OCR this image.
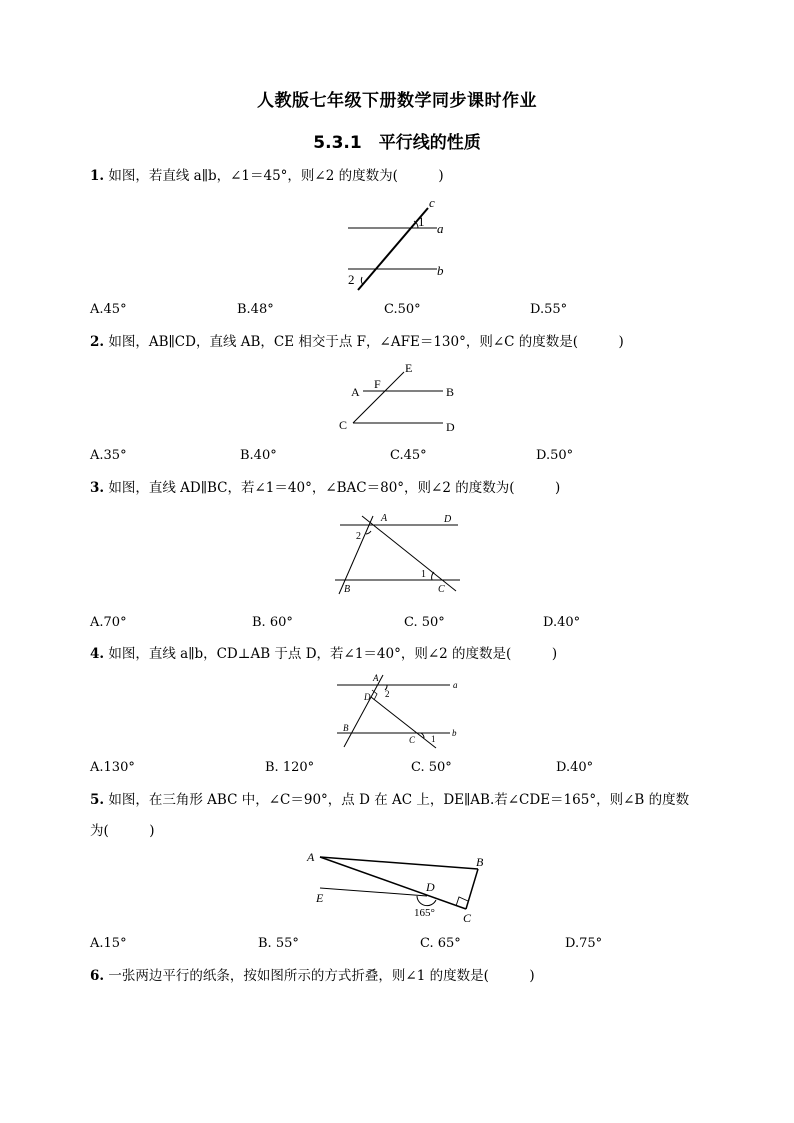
人教版七年级下册数学同步课时作业
5.3.1　平行线的性质
1. 如图，若直线 a∥b，∠1＝45°，则∠2 的度数为(　　　)
c
1 a
2
b
A.45°	B.48°	C.50°	D.55°
2. 如图，AB∥CD，直线 AB，CE 相交于点 F，∠AFE＝130°，则∠C 的度数是(　　　)
E
A
F
B
C	D
A.35°	B.40°	C.45°	D.50°
3. 如图，直线 AD∥BC，若∠1＝40°，∠BAC＝80°，则∠2 的度数为(　　　)
A	D
2
1
B	C
A.70°	B. 60°	C. 50°	D.40°
4. 如图，直线 a∥b，CD⊥AB 于点 D，若∠1＝40°，则∠2 的度数是(　　　)
A
a
D 2
B
C 1
b
A.130°	B. 120°	C. 50°	D.40°
5. 如图，在三角形 ABC 中，∠C＝90°，点 D 在 AC 上，DE∥AB.若∠CDE＝165°，则∠B 的度数
为(　　　)
A	B
D
E
165° C
A.15°	B. 55°	C. 65°	D.75°
6. 一张两边平行的纸条，按如图所示的方式折叠，则∠1 的度数是(　　　)
